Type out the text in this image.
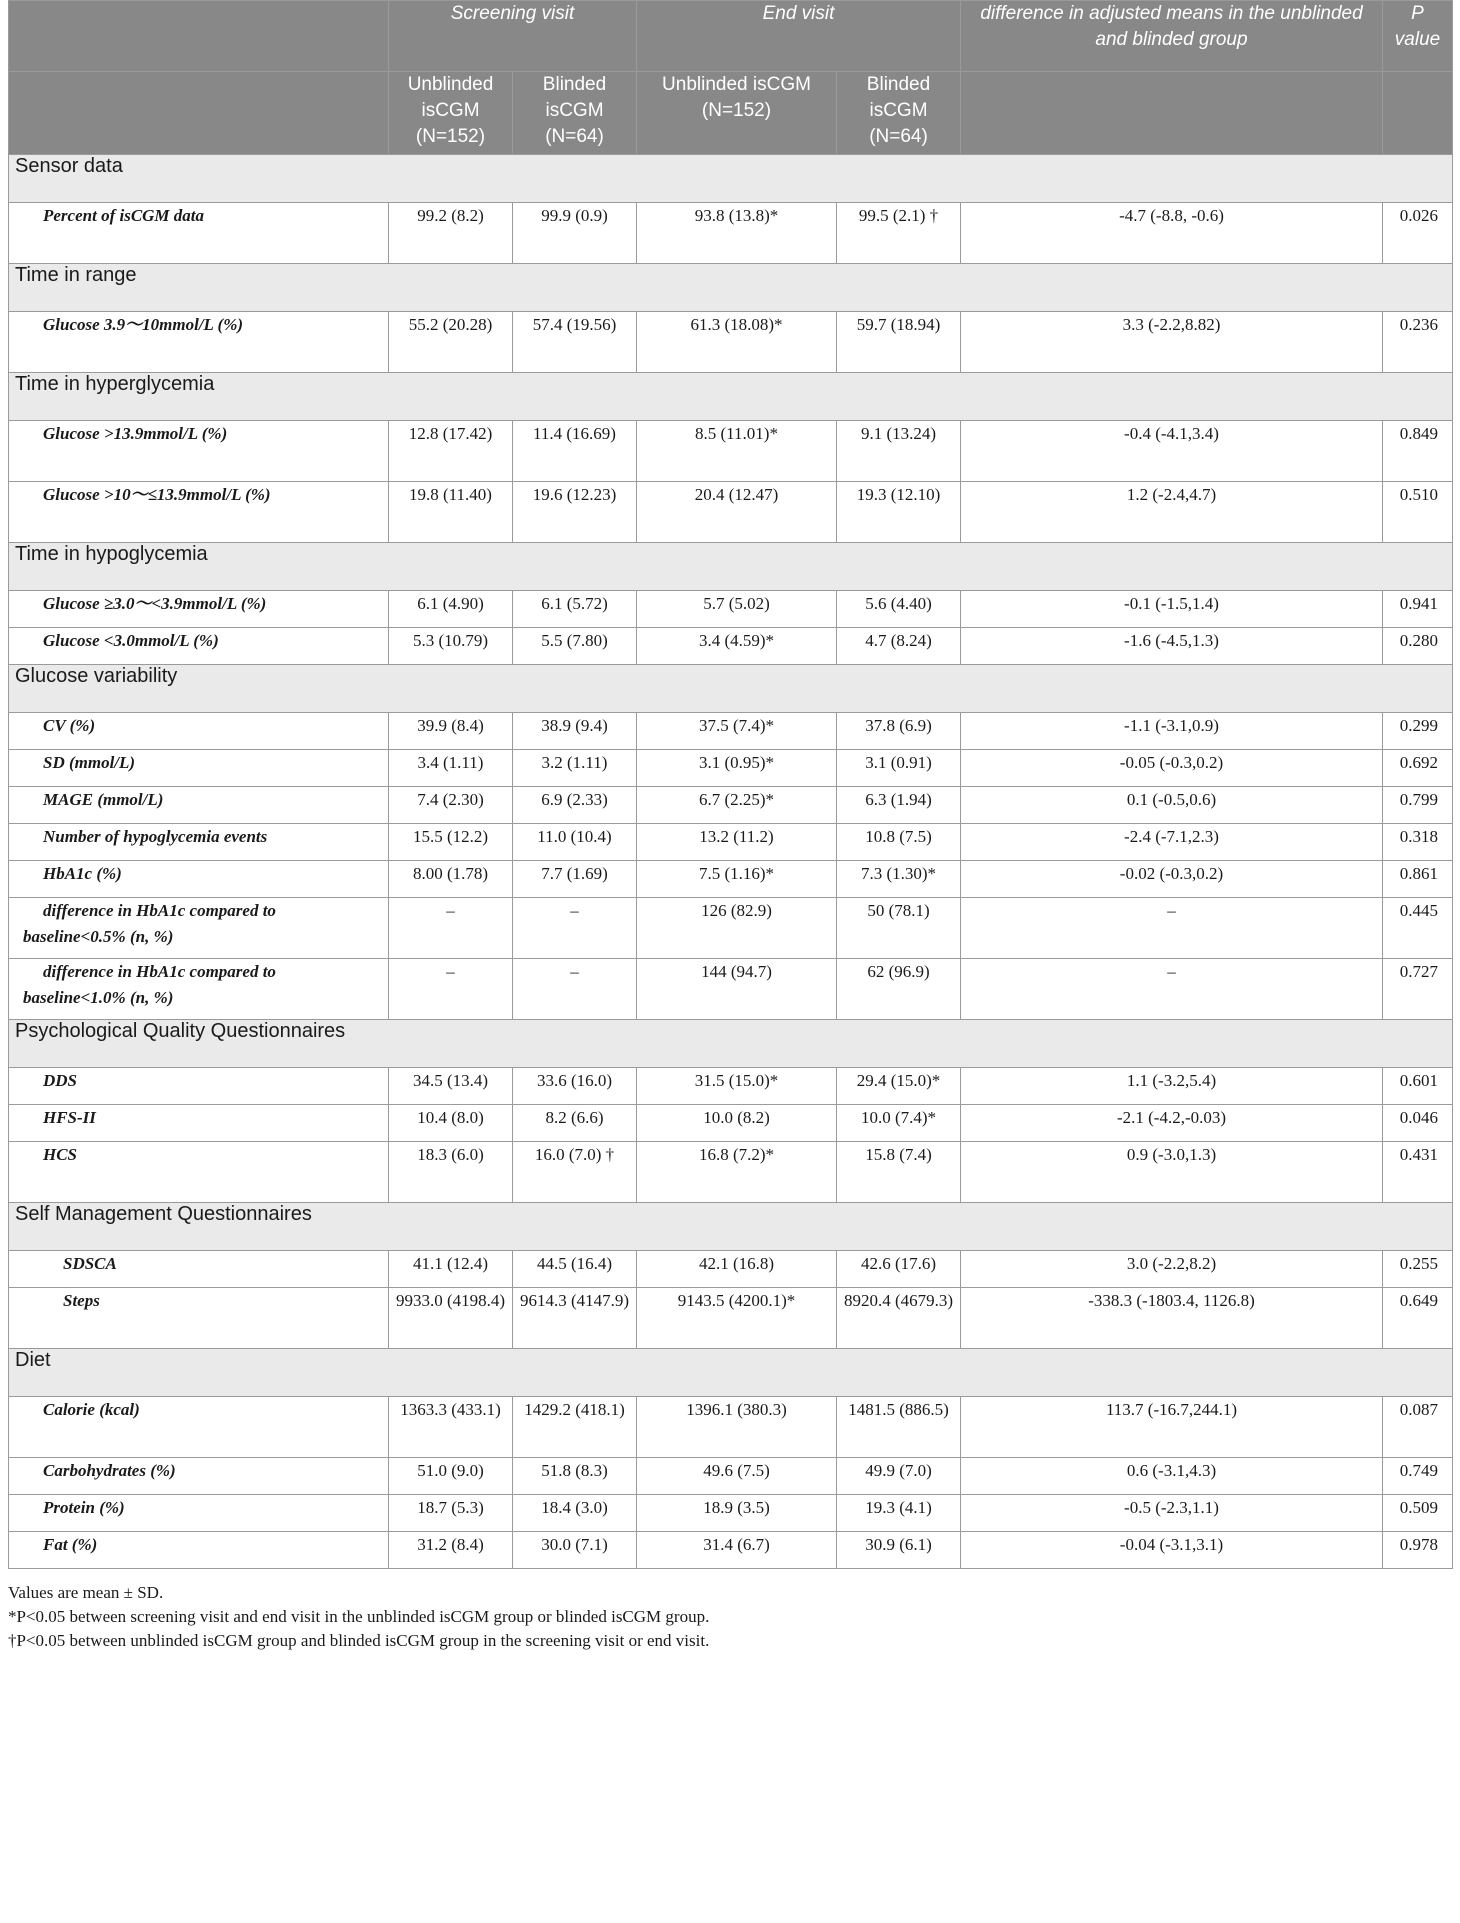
	Screening visit		End visit		difference in adjusted means in the unblinded and blinded group	P value
	Unblinded isCGM (N=152)	Blinded isCGM (N=64)	Unblinded isCGM (N=152)	Blinded isCGM (N=64)		
Sensor data						
Percent of isCGM data	99.2 (8.2)	99.9 (0.9)	93.8 (13.8)*	99.5 (2.1) †	-4.7 (-8.8, -0.6)	0.026
Time in range						
Glucose 3.9～10mmol/L (%)	55.2 (20.28)	57.4 (19.56)	61.3 (18.08)*	59.7 (18.94)	3.3 (-2.2,8.82)	0.236
Time in hyperglycemia						
Glucose >13.9mmol/L (%)	12.8 (17.42)	11.4 (16.69)	8.5 (11.01)*	9.1 (13.24)	-0.4 (-4.1,3.4)	0.849
Glucose >10～≤13.9mmol/L (%)	19.8 (11.40)	19.6 (12.23)	20.4 (12.47)	19.3 (12.10)	1.2 (-2.4,4.7)	0.510
Time in hypoglycemia						
Glucose ≥3.0～<3.9mmol/L (%)	6.1 (4.90)	6.1 (5.72)	5.7 (5.02)	5.6 (4.40)	-0.1 (-1.5,1.4)	0.941
Glucose <3.0mmol/L (%)	5.3 (10.79)	5.5 (7.80)	3.4 (4.59)*	4.7 (8.24)	-1.6 (-4.5,1.3)	0.280
Glucose variability						
CV (%)	39.9 (8.4)	38.9 (9.4)	37.5 (7.4)*	37.8 (6.9)	-1.1 (-3.1,0.9)	0.299
SD (mmol/L)	3.4 (1.11)	3.2 (1.11)	3.1 (0.95)*	3.1 (0.91)	-0.05 (-0.3,0.2)	0.692
MAGE (mmol/L)	7.4 (2.30)	6.9 (2.33)	6.7 (2.25)*	6.3 (1.94)	0.1 (-0.5,0.6)	0.799
Number of hypoglycemia events	15.5 (12.2)	11.0 (10.4)	13.2 (11.2)	10.8 (7.5)	-2.4 (-7.1,2.3)	0.318
HbA1c (%)	8.00 (1.78)	7.7 (1.69)	7.5 (1.16)*	7.3 (1.30)*	-0.02 (-0.3,0.2)	0.861
difference in HbA1c compared to baseline<0.5% (n, %)	–	–	126 (82.9)	50 (78.1)	–	0.445
difference in HbA1c compared to baseline<1.0% (n, %)	–	–	144 (94.7)	62 (96.9)	–	0.727
Psychological Quality Questionnaires						
DDS	34.5 (13.4)	33.6 (16.0)	31.5 (15.0)*	29.4 (15.0)*	1.1 (-3.2,5.4)	0.601
HFS-II	10.4 (8.0)	8.2 (6.6)	10.0 (8.2)	10.0 (7.4)*	-2.1 (-4.2,-0.03)	0.046
HCS	18.3 (6.0)	16.0 (7.0) †	16.8 (7.2)*	15.8 (7.4)	0.9 (-3.0,1.3)	0.431
Self Management Questionnaires						
SDSCA	41.1 (12.4)	44.5 (16.4)	42.1 (16.8)	42.6 (17.6)	3.0 (-2.2,8.2)	0.255
Steps	9933.0 (4198.4)	9614.3 (4147.9)	9143.5 (4200.1)*	8920.4 (4679.3)	-338.3 (-1803.4, 1126.8)	0.649
Diet						
Calorie (kcal)	1363.3 (433.1)	1429.2 (418.1)	1396.1 (380.3)	1481.5 (886.5)	113.7 (-16.7,244.1)	0.087
Carbohydrates (%)	51.0 (9.0)	51.8 (8.3)	49.6 (7.5)	49.9 (7.0)	0.6 (-3.1,4.3)	0.749
Protein (%)	18.7 (5.3)	18.4 (3.0)	18.9 (3.5)	19.3 (4.1)	-0.5 (-2.3,1.1)	0.509
Fat (%)	31.2 (8.4)	30.0 (7.1)	31.4 (6.7)	30.9 (6.1)	-0.04 (-3.1,3.1)	0.978
Values are mean ± SD.
*P<0.05 between screening visit and end visit in the unblinded isCGM group or blinded isCGM group.
†P<0.05 between unblinded isCGM group and blinded isCGM group in the screening visit or end visit.
